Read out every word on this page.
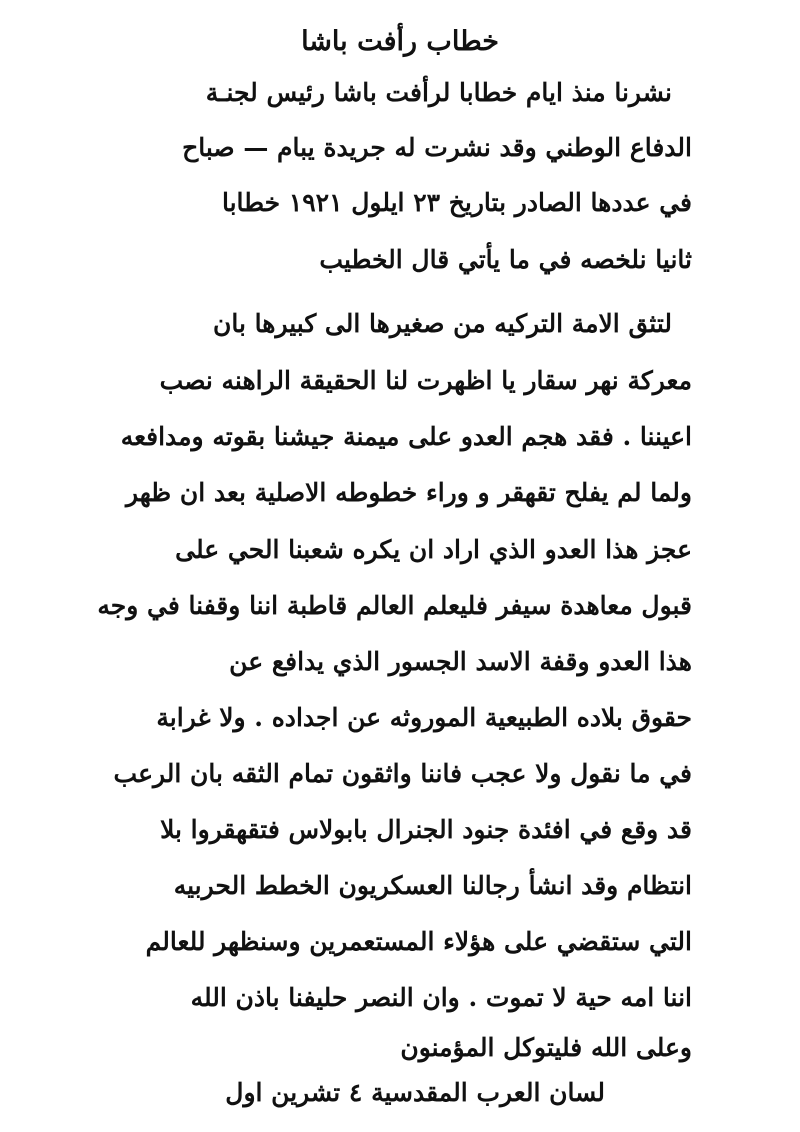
خطاب رأفت باشا
نشرنا منذ ايام خطابا لرأفت باشا رئيس لجنـة
الدفاع الوطني وقد نشرت له جريدة يبام — صباح
في عددها الصادر بتاريخ ٢٣ ايلول ١٩٢١ خطابا
ثانيا نلخصه في ما يأتي قال الخطيب
لتثق الامة التركيه من صغيرها الى كبيرها بان
معركة نهر سقار يا اظهرت لنا الحقيقة الراهنه نصب
اعيننا . فقد هجم العدو على ميمنة جيشنا بقوته ومدافعه
ولما لم يفلح تقهقر و وراء خطوطه الاصلية بعد ان ظهر
عجز هذا العدو الذي اراد ان يكره شعبنا الحي على
قبول معاهدة سيفر فليعلم العالم قاطبة اننا وقفنا في وجه
هذا العدو وقفة الاسد الجسور الذي يدافع عن
حقوق بلاده الطبيعية الموروثه عن اجداده . ولا غرابة
في ما نقول ولا عجب فاننا واثقون تمام الثقه بان الرعب
قد وقع في افئدة جنود الجنرال بابولاس فتقهقروا بلا
انتظام وقد انشأ رجالنا العسكريون الخطط الحربيه
التي ستقضي على هؤلاء المستعمرين وسنظهر للعالم
اننا امه حية لا تموت . وان النصر حليفنا باذن الله
وعلى الله فليتوكل المؤمنون
لسان العرب المقدسية ٤ تشرين اول
